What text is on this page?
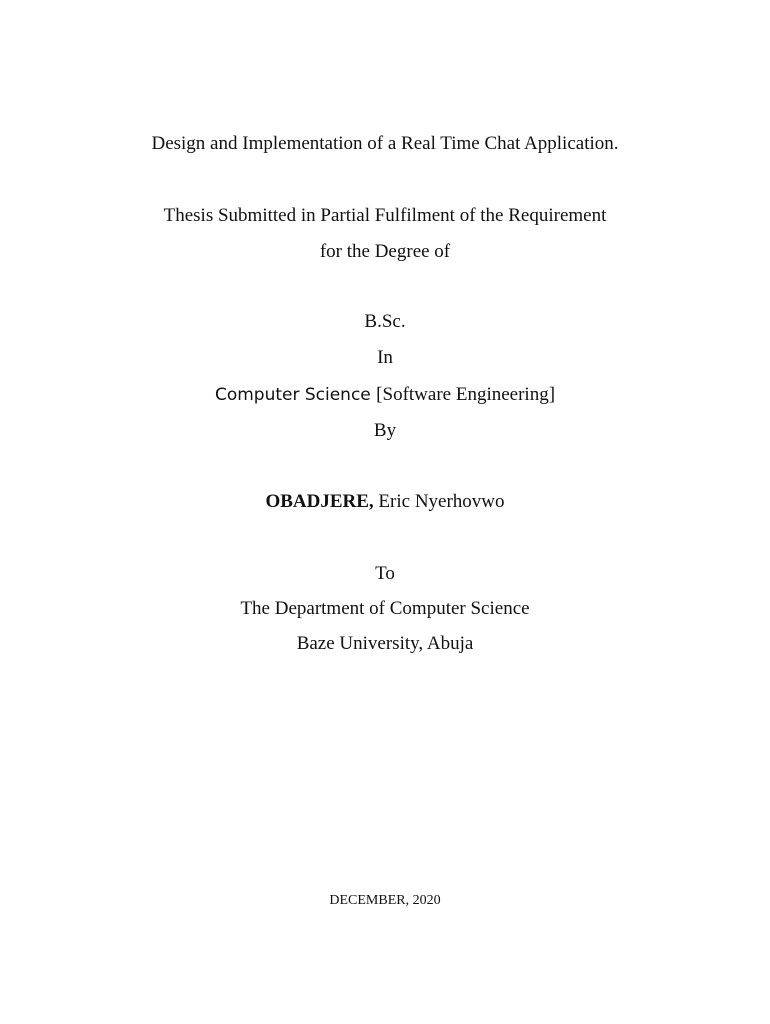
Design and Implementation of a Real Time Chat Application.
Thesis Submitted in Partial Fulfilment of the Requirement
for the Degree of
B.Sc.
In
Computer Science [Software Engineering]
By
OBADJERE, Eric Nyerhovwo
To
The Department of Computer Science
Baze University, Abuja
DECEMBER, 2020
